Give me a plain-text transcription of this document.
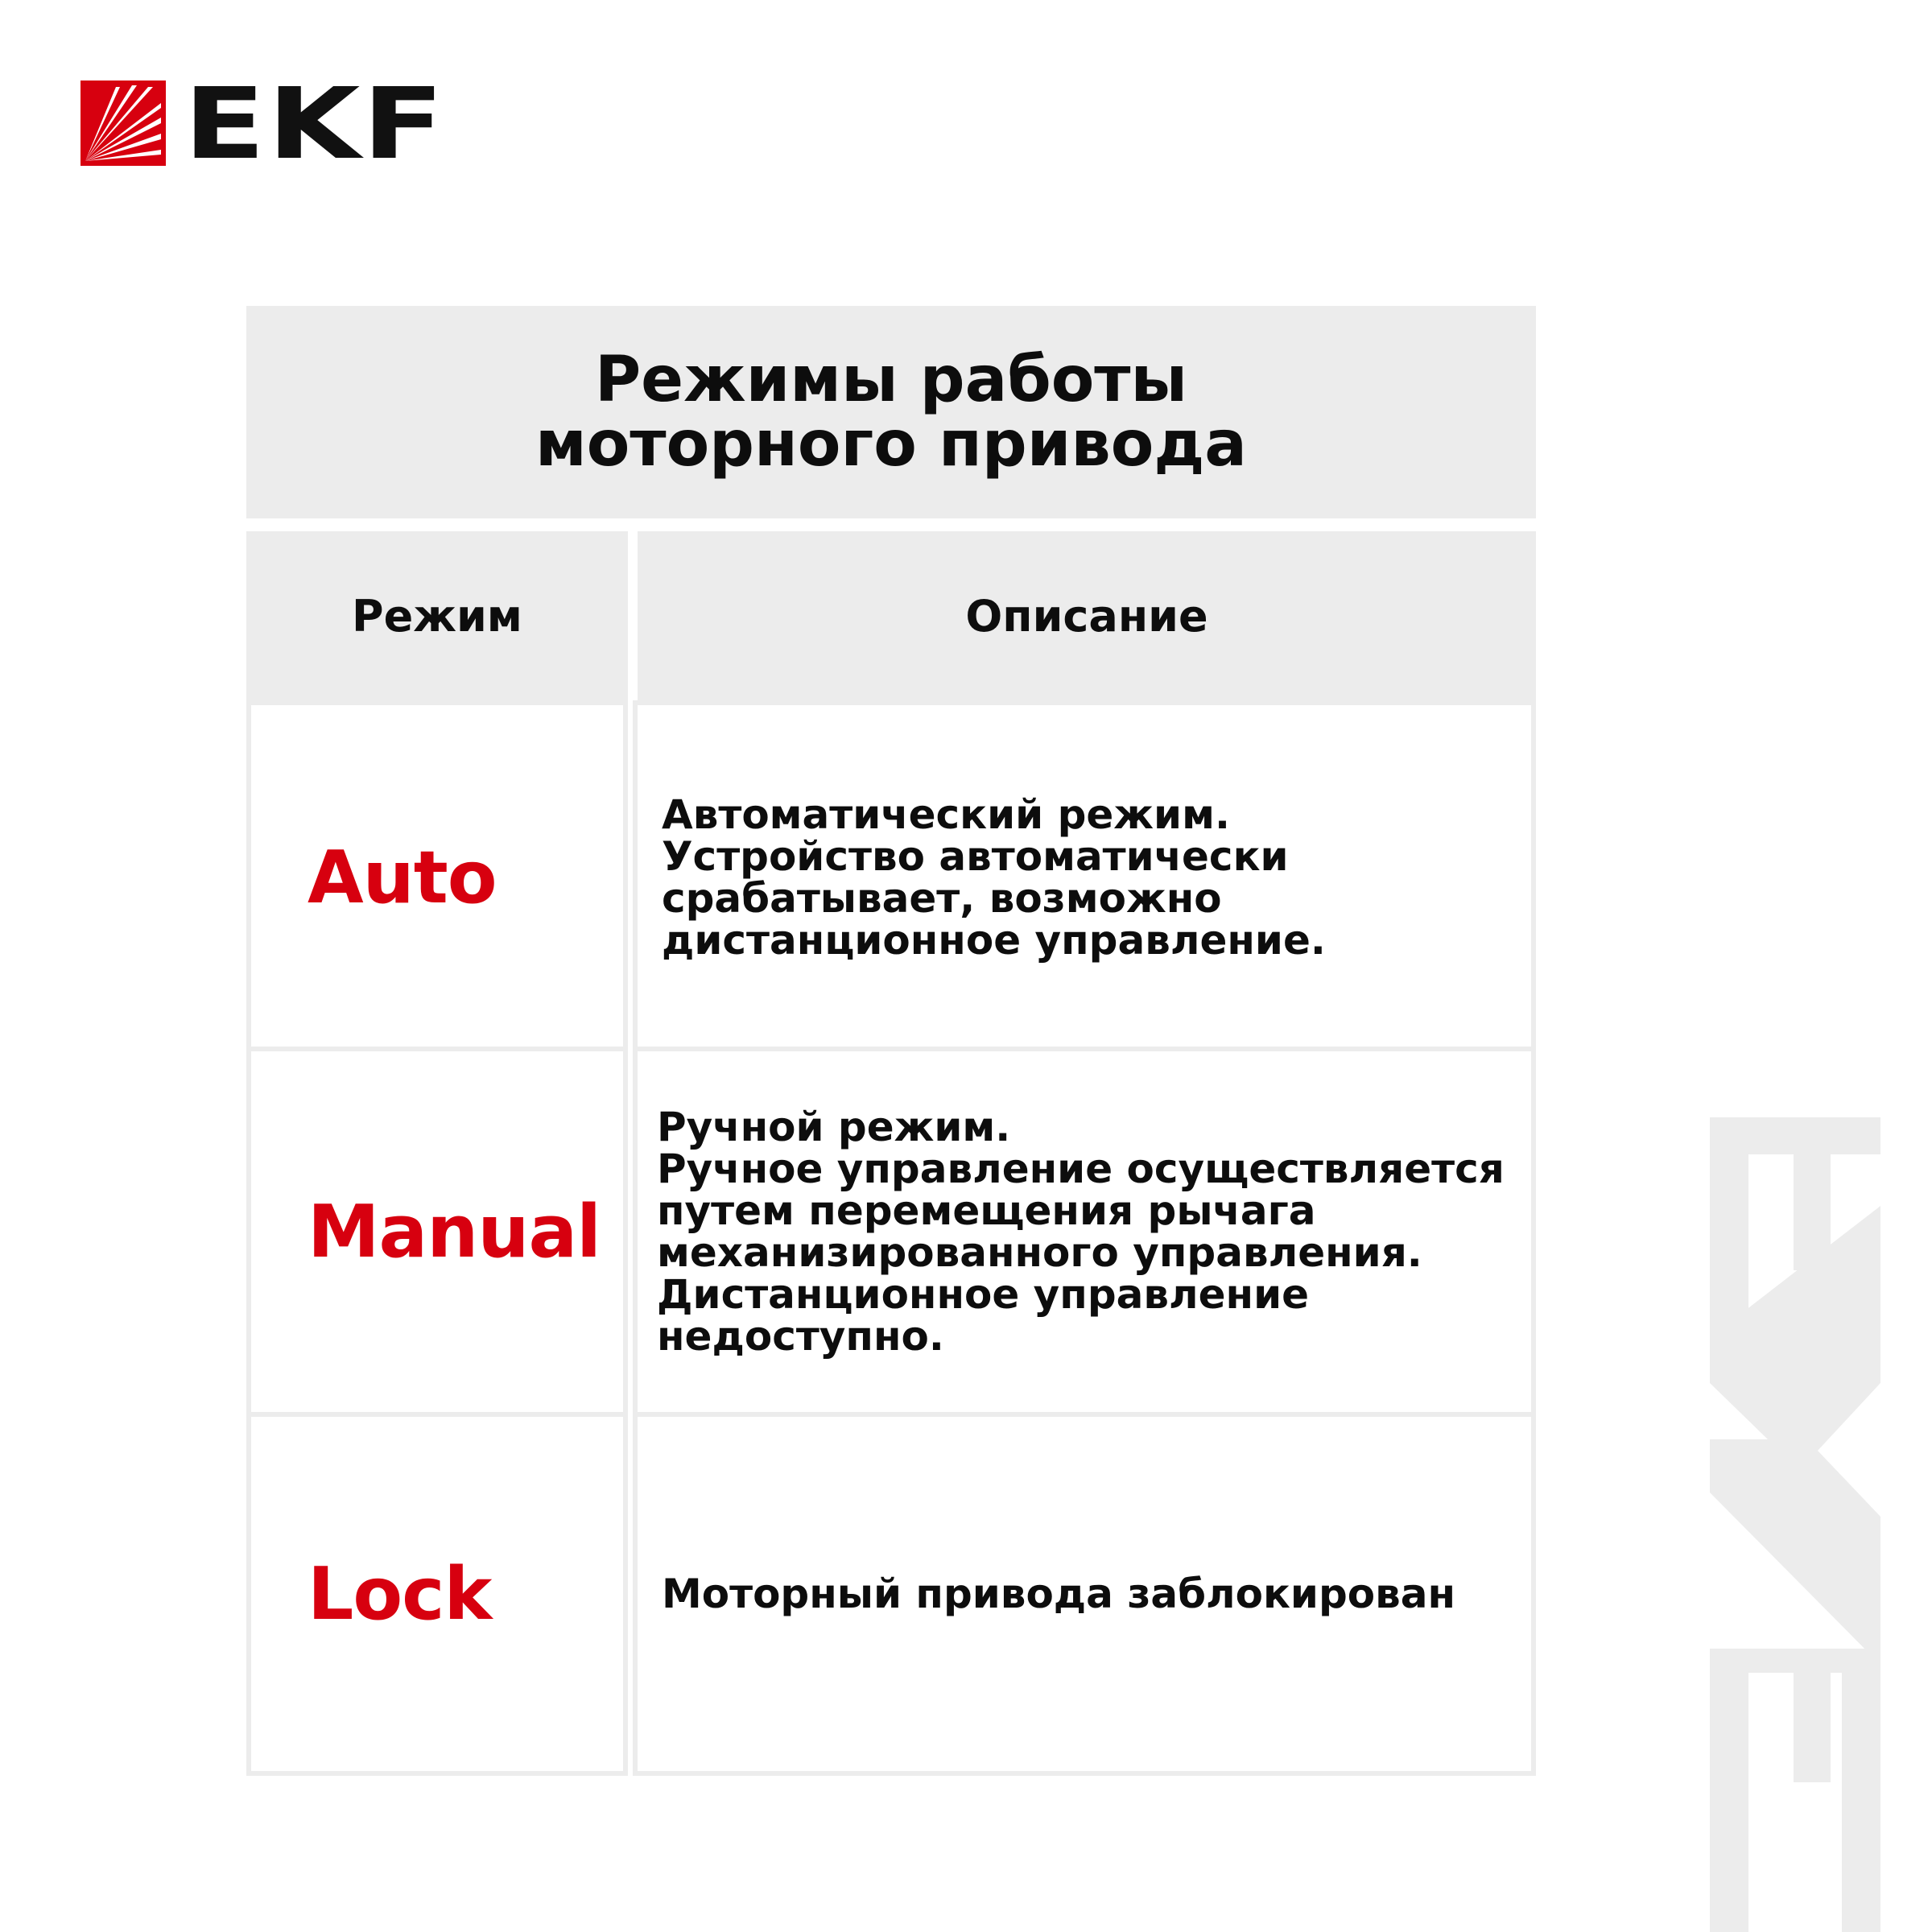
EKF
Режимы работы
моторного привода
Режим	Описание
Auto
Автоматический режим.
Устройство автоматически
срабатывает, возможно
дистанционное управление.
Manual
Ручной режим.
Ручное управление осуществляется
путем перемещения рычага
механизированного управления.
Дистанционное управление
недоступно.
Lock	Моторный привода заблокирован
